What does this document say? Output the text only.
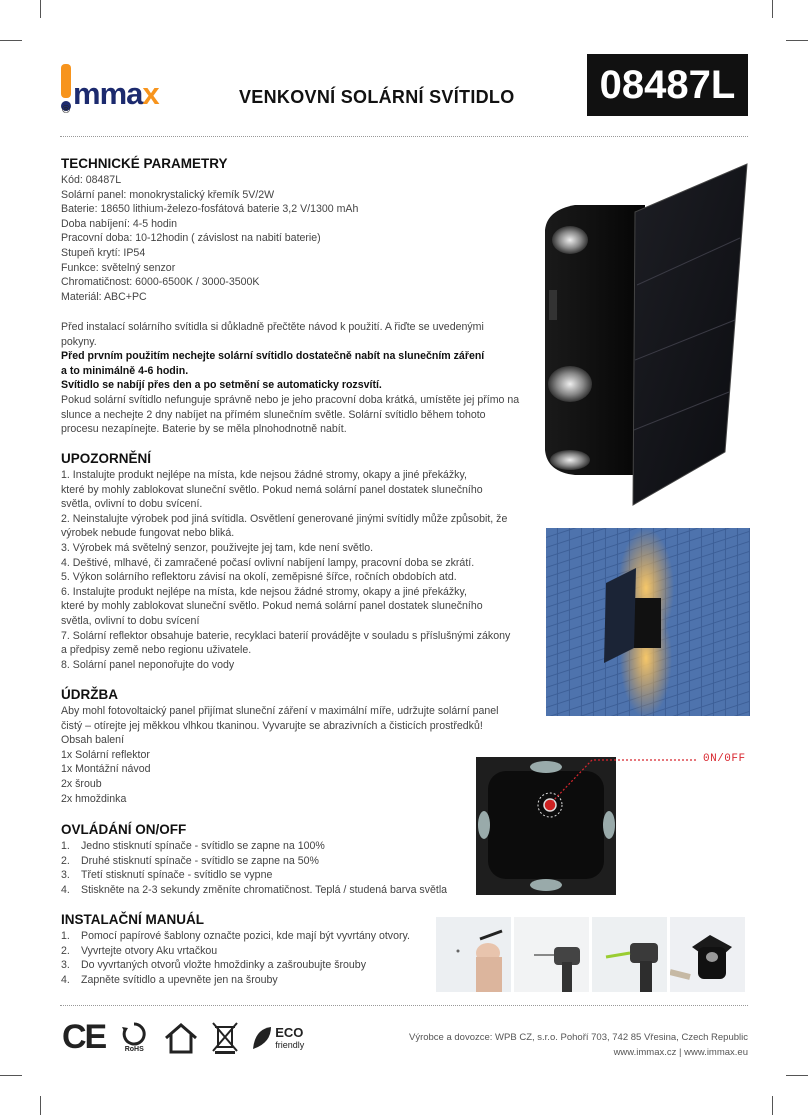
mmax
®
VENKOVNÍ SOLÁRNÍ SVÍTIDLO	08487L
TECHNICKÉ PARAMETRY
Kód: 08487L
Solární panel: monokrystalický křemík 5V/2W
Baterie: 18650 lithium-železo-fosfátová baterie 3,2 V/1300 mAh
Doba nabíjení: 4-5 hodin
Pracovní doba: 10-12hodin ( závislost na nabití baterie)
Stupeň krytí: IP54
Funkce: světelný senzor
Chromatičnost: 6000-6500K / 3000-3500K
Materiál: ABC+PC
Před instalací solárního svítidla si důkladně přečtěte návod k použití. A řiďte se uvedenými pokyny.
Před prvním použitím nechejte solární svítidlo dostatečně nabít na slunečním záření a to minimálně 4-6 hodin.
Svítidlo se nabíjí přes den a po setmění se automaticky rozsvítí.
Pokud solární svítidlo nefunguje správně nebo je jeho pracovní doba krátká, umístěte jej přímo na slunce a nechejte 2 dny nabíjet na přímém slunečním světle. Solární svítidlo během tohoto procesu nezapínejte. Baterie by se měla plnohodnotně nabít.
UPOZORNĚNÍ
1. Instalujte produkt nejlépe na místa, kde nejsou žádné stromy, okapy a jiné překážky, které by mohly zablokovat sluneční světlo. Pokud nemá solární panel dostatek slunečního světla, ovlivní to dobu svícení.
2. Neinstalujte výrobek pod jiná svítidla. Osvětlení generované jinými svítidly může způsobit, že výrobek nebude fungovat nebo bliká.
3. Výrobek má světelný senzor, použivejte jej tam, kde není světlo.
4. Deštivé, mlhavé, či zamračené počasí ovlivní nabíjení lampy, pracovní doba se zkrátí.
5. Výkon solárního reflektoru závisí na okolí, zeměpisné šířce, ročních obdobích atd.
6. Instalujte produkt nejlépe na místa, kde nejsou žádné stromy, okapy a jiné překážky, které by mohly zablokovat sluneční světlo. Pokud nemá solární panel dostatek slunečního světla, ovlivní to dobu svícení
7. Solární reflektor obsahuje baterie, recyklaci baterií provádějte v souladu s příslušnými zákony a předpisy země nebo regionu uživatele.
8. Solární panel neponořujte do vody
ÚDRŽBA
Aby mohl fotovoltaický panel přijímat sluneční záření v maximální míře, udržujte solární panel čistý – otírejte jej měkkou vlhkou tkaninou. Vyvarujte se abrazivních a čisticích prostředků!
Obsah balení
1x Solární reflektor
1x Montážní návod
2x šroub
2x hmoždinka
OVLÁDÁNÍ ON/OFF
1.	Jedno stisknutí spínače - svítidlo se zapne na 100%
2.	Druhé stisknutí spínače - svítidlo se zapne na 50%
3.	Třetí stisknutí spínače - svítidlo se vypne
4.	Stiskněte na 2-3 sekundy změníte chromatičnost. Teplá / studená barva světla
INSTALAČNÍ MANUÁL
1.	Pomocí papírové šablony označte pozici, kde mají být vyvrtány otvory.
2.	Vyvrtejte otvory Aku vrtačkou
3.	Do vyvrtaných otvorů vložte hmoždinky a zašroubujte šrouby
4.	Zapněte svítidlo a upevněte jen na šrouby
0N/0FF
CE	RoHS
ECO
friendly
Výrobce a dovozce: WPB CZ, s.r.o. Pohoří 703, 742 85 Vřesina, Czech Republic
www.immax.cz | www.immax.eu
